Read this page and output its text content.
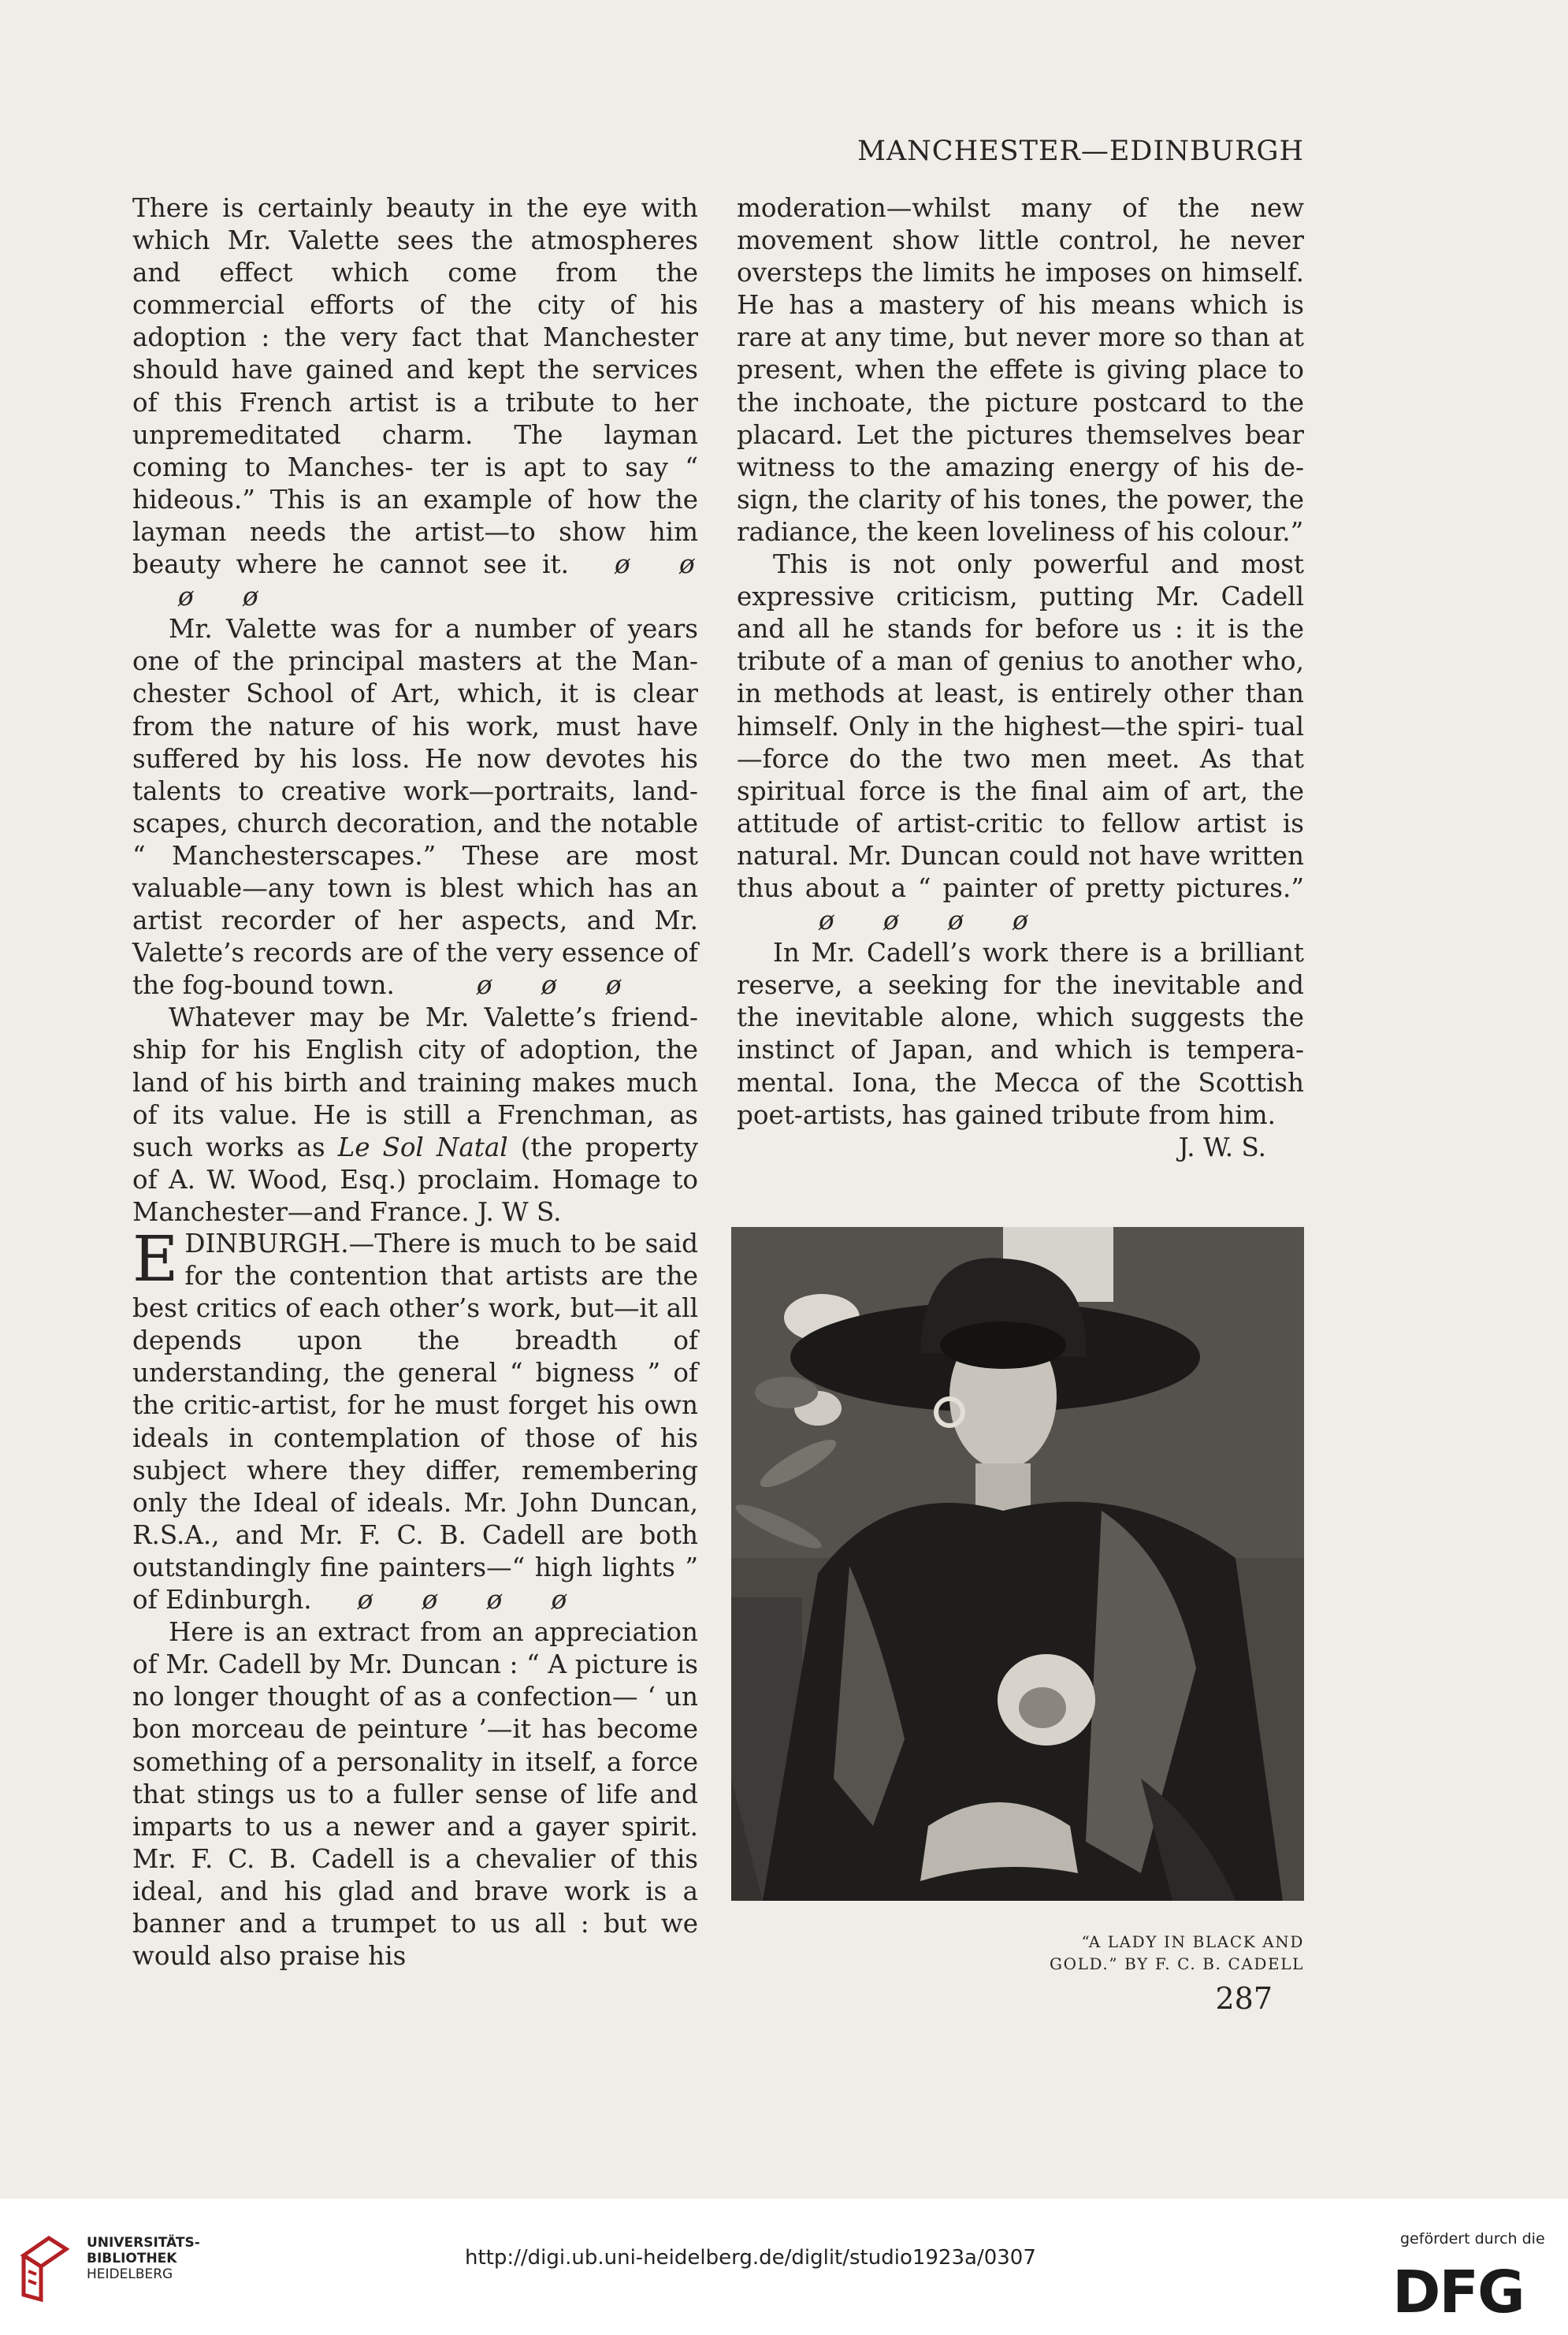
MANCHESTER—EDINBURGH

There is certainly beauty in the eye with which Mr. Valette sees the atmospheres and effect which come from the commercial efforts of the city of his adoption : the very fact that Manchester should have gained and kept the services of this French artist is a tribute to her unpremeditated charm. The layman coming to Manches- ter is apt to say “ hideous.” This is an example of how the layman needs the artist—to show him beauty where he cannot see it. ø øø ø

Mr. Valette was for a number of years one of the principal masters at the Man- chester School of Art, which, it is clear from the nature of his work, must have suffered by his loss. He now devotes his talents to creative work—portraits, land- scapes, church decoration, and the notable “ Manchesterscapes.” These are most valuable—any town is blest which has an artist recorder of her aspects, and Mr. Valette’s records are of the very essence of the fog-bound town.	ø ø ø

Whatever may be Mr. Valette’s friend- ship for his English city of adoption, the land of his birth and training makes much of its value. He is still a Frenchman, as such works as Le Sol Natal (the property of A. W. Wood, Esq.) proclaim. Homage to Manchester—and France. J. W S.

EDINBURGH.—There is much to be said for the contention that artists are the best critics of each other’s work, but—it all depends upon the breadth of understanding, the general “ bigness ” of the critic-artist, for he must forget his own ideals in contemplation of those of his subject where they differ, remembering only the Ideal of ideals. Mr. John Duncan, R.S.A., and Mr. F. C. B. Cadell are both outstandingly fine painters—“ high lights ” of Edinburgh. ø ø ø ø

Here is an extract from an appreciation of Mr. Cadell by Mr. Duncan : “ A picture is no longer thought of as a confection— ‘ un bon morceau de peinture ’—it has become something of a personality in itself, a force that stings us to a fuller sense of life and imparts to us a newer and a gayer spirit. Mr. F. C. B. Cadell is a chevalier of this ideal, and his glad and brave work is a banner and a trumpet to us all : but we would also praise his

moderation—whilst many of the new movement show little control, he never oversteps the limits he imposes on himself. He has a mastery of his means which is rare at any time, but never more so than at present, when the effete is giving place to the inchoate, the picture postcard to the placard. Let the pictures themselves bear witness to the amazing energy of his de- sign, the clarity of his tones, the power, the radiance, the keen loveliness of his colour.”

This is not only powerful and most expressive criticism, putting Mr. Cadell and all he stands for before us : it is the tribute of a man of genius to another who, in methods at least, is entirely other than himself. Only in the highest—the spiri- tual—force do the two men meet. As that spiritual force is the final aim of art, the attitude of artist-critic to fellow artist is natural. Mr. Duncan could not have written thus about a “ painter of pretty pictures.”ø ø ø ø

In Mr. Cadell’s work there is a brilliant reserve, a seeking for the inevitable and the inevitable alone, which suggests the instinct of Japan, and which is tempera- mental. Iona, the Mecca of the Scottish poet-artists, has gained tribute from him.

J. W. S.

“A LADY IN BLACK AND
GOLD.” BY F. C. B. CADELL
287
UNIVERSITÄTS-
BIBLIOTHEK
HEIDELBERG
http://digi.ub.uni-heidelberg.de/diglit/studio1923a/0307
gefördert durch die
DFG
